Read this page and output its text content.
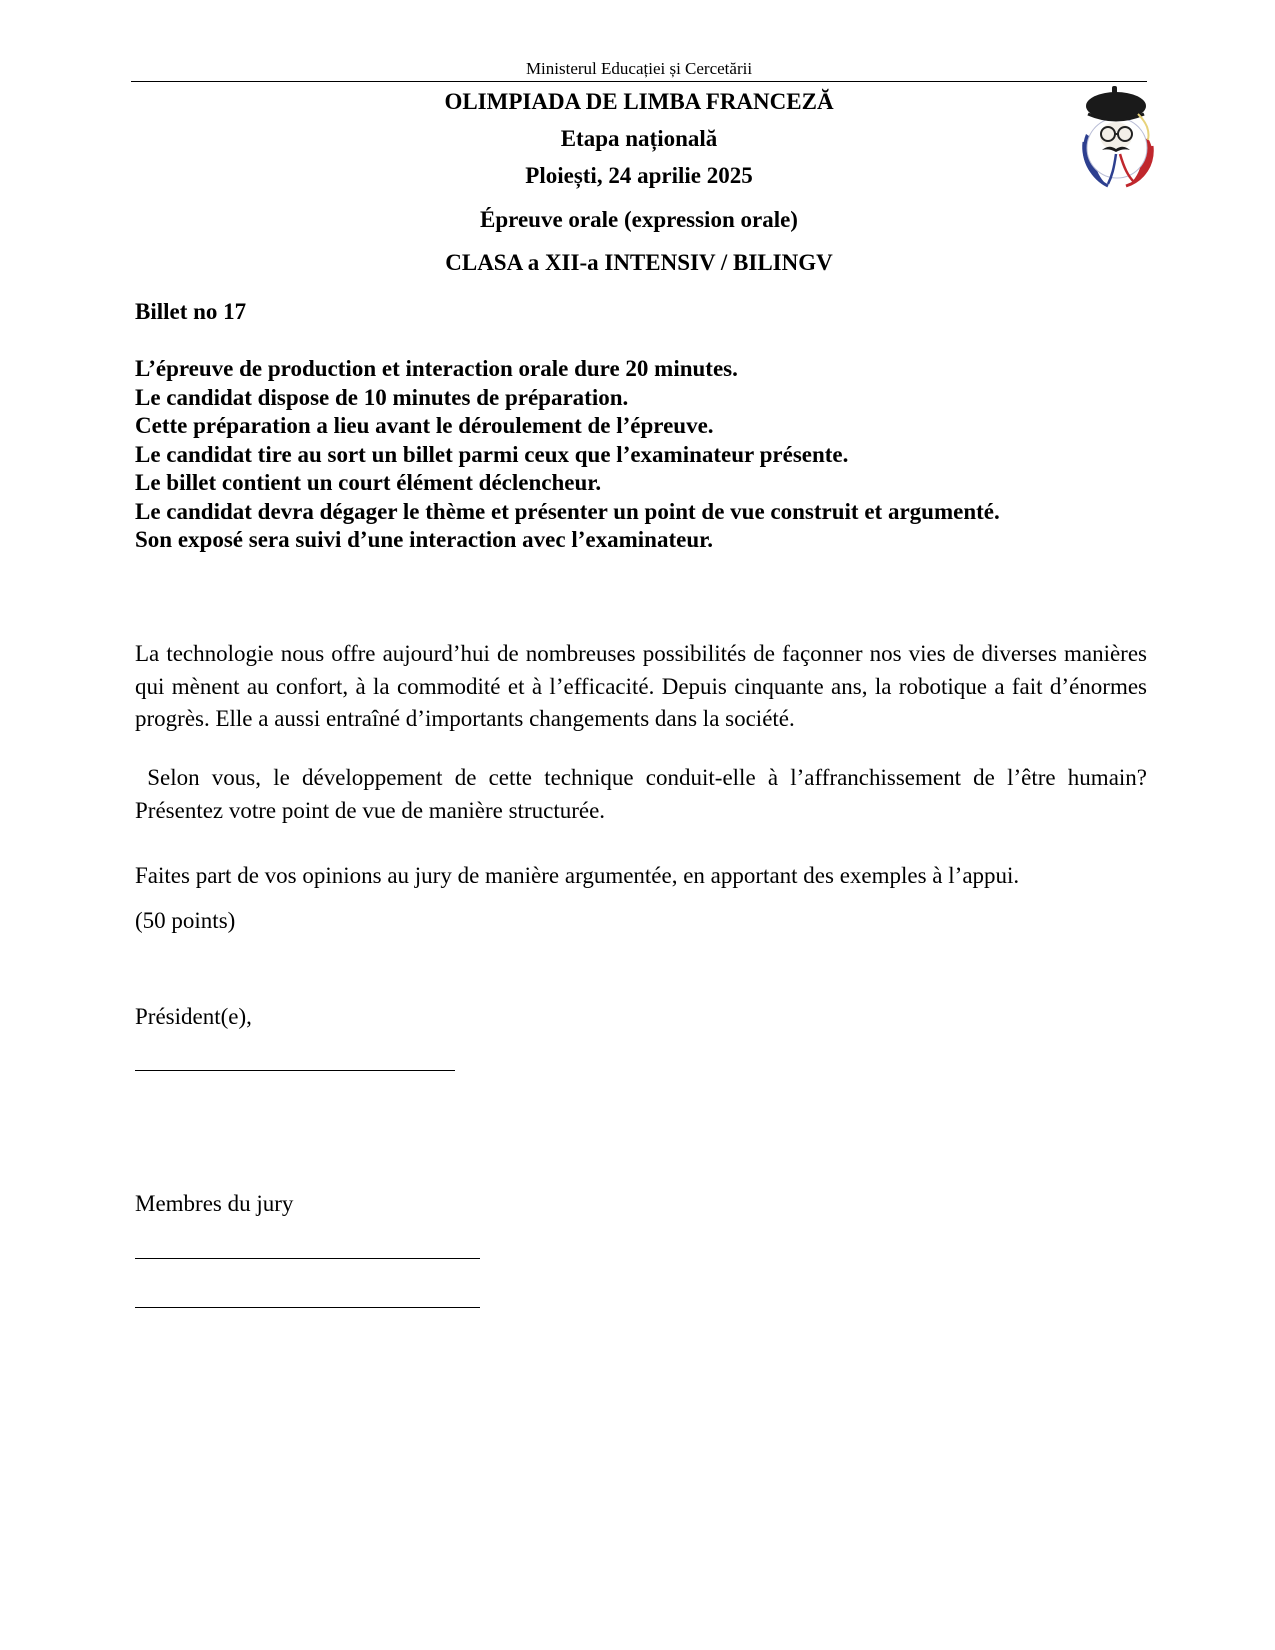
Ministerul Educației și Cercetării
OLIMPIADA DE LIMBA FRANCEZĂ
Etapa națională
Ploiești, 24 aprilie 2025
Épreuve orale (expression orale)
CLASA a XII-a INTENSIV / BILINGV
Billet no 17
L’épreuve de production et interaction orale dure 20 minutes.
Le candidat dispose de 10 minutes de préparation.
Cette préparation a lieu avant le déroulement de l’épreuve.
Le candidat tire au sort un billet parmi ceux que l’examinateur présente.
Le billet contient un court élément déclencheur.
Le candidat devra dégager le thème et présenter un point de vue construit et argumenté.
Son exposé sera suivi d’une interaction avec l’examinateur.
La technologie nous offre aujourd’hui de nombreuses possibilités de façonner nos vies de diverses manières qui mènent au confort, à la commodité et à l’efficacité. Depuis cinquante ans, la robotique a fait d’énormes progrès. Elle a aussi entraîné d’importants changements dans la société.
Selon vous, le développement de cette technique conduit-elle à l’affranchissement de l’être humain? Présentez votre point de vue de manière structurée.
Faites part de vos opinions au jury de manière argumentée, en apportant des exemples à l’appui.
(50 points)
Président(e),
Membres du jury
